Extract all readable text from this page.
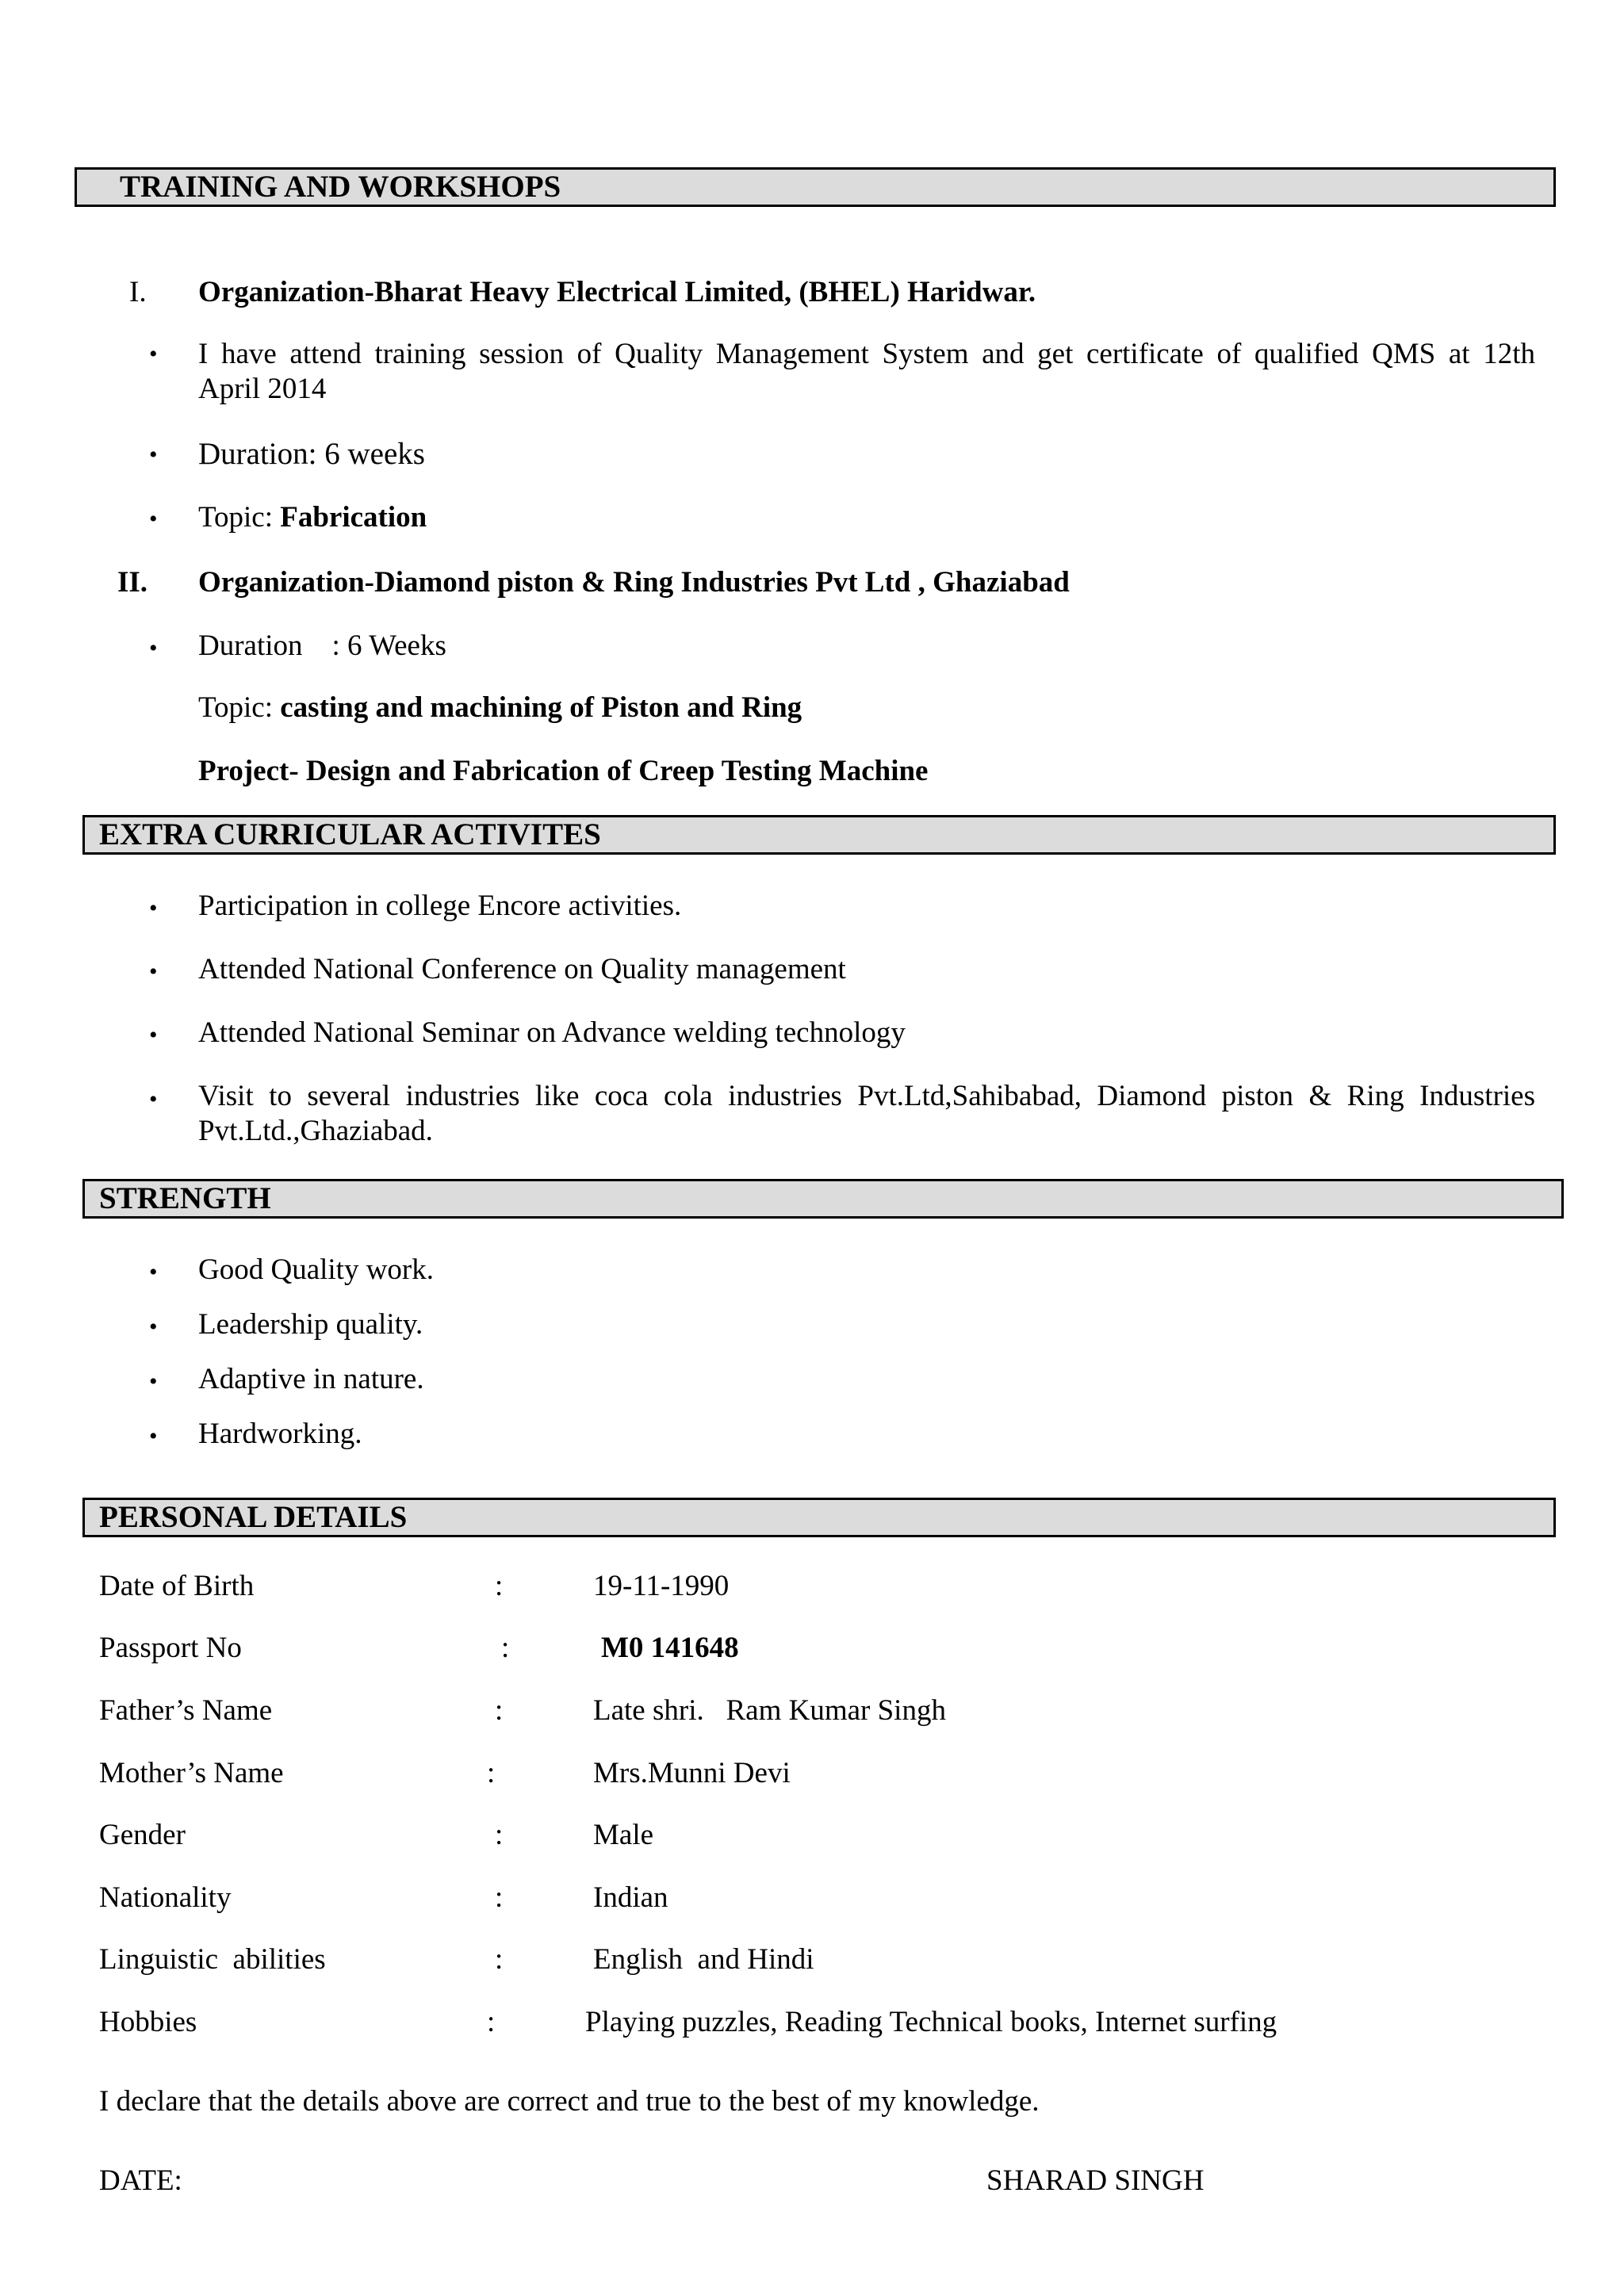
TRAINING AND WORKSHOPS
I. Organization-Bharat Heavy Electrical Limited, (BHEL) Haridwar.
• I have attend training session of Quality Management System and get certificate of qualified QMS at 12th
April 2014
• Duration: 6 weeks
• Topic: Fabrication
II. Organization-Diamond piston & Ring Industries Pvt Ltd , Ghaziabad
• Duration    : 6 Weeks
Topic: casting and machining of Piston and Ring
Project- Design and Fabrication of Creep Testing Machine
EXTRA CURRICULAR ACTIVITES
• Participation in college Encore activities.
• Attended National Conference on Quality management
• Attended National Seminar on Advance welding technology
• Visit to several industries like coca cola industries Pvt.Ltd,Sahibabad, Diamond piston & Ring Industries
Pvt.Ltd.,Ghaziabad.
STRENGTH
• Good Quality work.
• Leadership quality.
• Adaptive in nature.
• Hardworking.
PERSONAL DETAILS
Date of Birth	:	19-11-1990
Passport No	:	M0 141648
Father’s Name	:	Late shri.   Ram Kumar Singh
Mother’s Name	:	Mrs.Munni Devi
Gender	:	Male
Nationality	:	Indian
Linguistic  abilities	:	English  and Hindi
Hobbies	:	Playing puzzles, Reading Technical books, Internet surfing
I declare that the details above are correct and true to the best of my knowledge.
DATE:	SHARAD SINGH
